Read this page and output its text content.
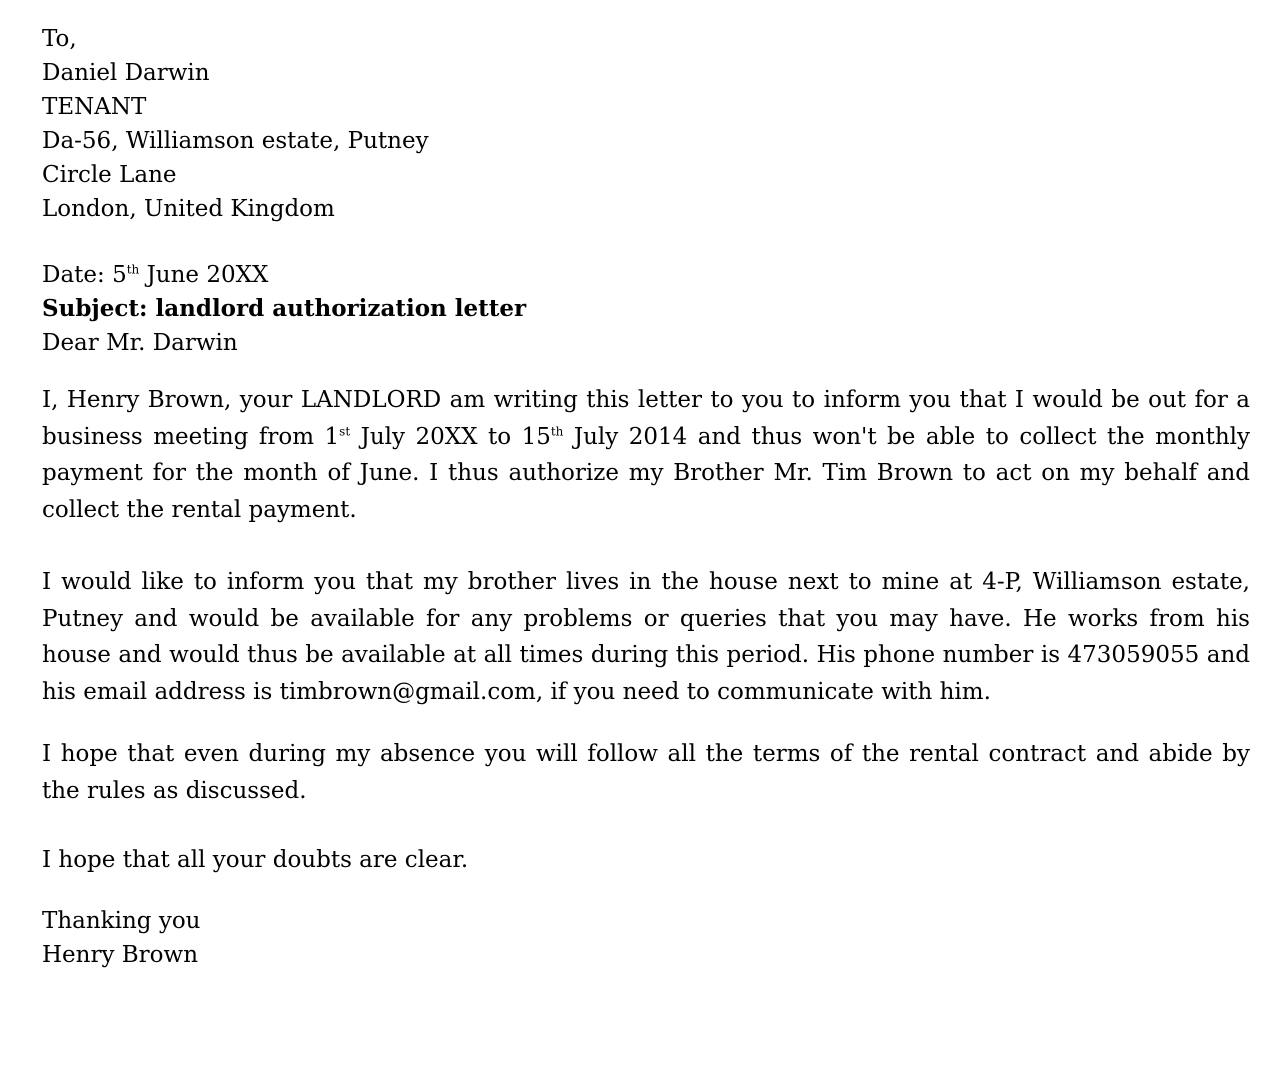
To,
Daniel Darwin
TENANT
Da-56, Williamson estate, Putney
Circle Lane
London, United Kingdom
Date: 5th June 20XX
Subject: landlord authorization letter
Dear Mr. Darwin

I, Henry Brown, your LANDLORD am writing this letter to you to inform you that I would be out for a business meeting from 1st July 20XX to 15th July 2014 and thus won't be able to collect the monthly payment for the month of June. I thus authorize my Brother Mr. Tim Brown to act on my behalf and collect the rental payment.

I would like to inform you that my brother lives in the house next to mine at 4-P, Williamson estate, Putney and would be available for any problems or queries that you may have. He works from his house and would thus be available at all times during this period. His phone number is 473059055 and his email address is timbrown@gmail.com, if you need to communicate with him.

I hope that even during my absence you will follow all the terms of the rental contract and abide by the rules as discussed.

I hope that all your doubts are clear.

Thanking you
Henry Brown
